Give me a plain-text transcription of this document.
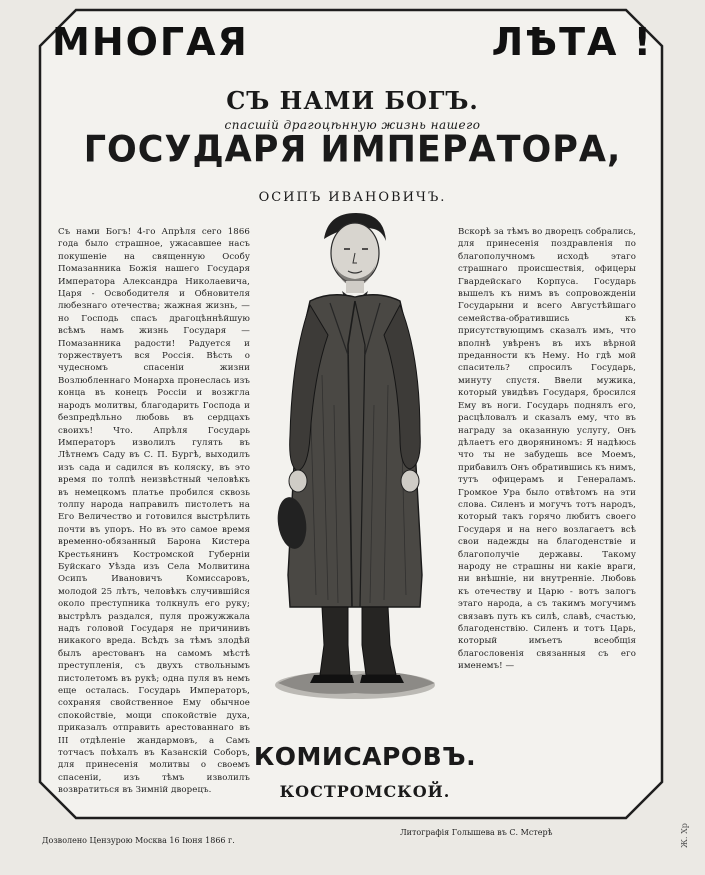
МНОГАЯ	ЛѢТА !
СЪ НАМИ БОГЪ.
спасшiй драгоцѣнную жизнь нашего
ГОСУДАРЯ ИМПЕРАТОРА,
ОСИПЪ ИВАНОВИЧЪ.
Съ нами Богъ! 4-го Апрѣля сего 1866 года было страшное, ужасавшее насъ покушеніе на священную Особу Помазанника Божія нашего Государя Императора Александра Николаевича, Царя - Освободителя и Обновителя любезнаго отечества; жажная жизнь, — но Господь спасъ драгоцѣннѣйшую всѣмъ намъ жизнь Государя — Помазанника радости! Радуется и торжествуетъ вся Россія. Вѣсть о чудесномъ спасеніи жизни Возлюбленнаго Монарха пронеслась изъ конца въ конецъ Россіи и возжгла народъ молитвы, благодарить Господа и безпредѣльно любовь въ сердцахъ своихъ! Что. Апрѣля Государь Императоръ изволилъ гулять въ Лѣтнемъ Саду въ С. П. Бургѣ, выходилъ изъ сада и садился въ коляску, въ это время по толпѣ неизвѣстный человѣкъ въ немецкомъ платье пробился сквозь толпу народа направилъ пистолетъ на Его Величество и готовился выстрѣлить почти въ упоръ. Но въ это самое время временно-обязанный Барона Кистера Крестьянинъ Костромской Губерніи Буйскаго Уѣзда изъ Села Молвитина Осипъ Ивановичъ Комиссаровъ, молодой 25 лѣтъ, человѣкъ случившійся около преступника толкнулъ его руку; выстрѣлъ раздался, пуля прожужжала надъ головой Государя не причинивъ никакого вреда. Всѣдъ за тѣмъ злодѣй былъ арестованъ на самомъ мѣстѣ преступленія, съ двухъ ствольнымъ пистолетомъ въ рукѣ; одна пуля въ немъ еще осталась. Государь Императоръ, сохраняя свойственное Ему обычное спокойствіе, мощи спокойствіе духа, приказалъ отправить арестованнаго въ III отдѣленіе жандармовъ, а Самъ тотчасъ поѣхалъ въ Казанскій Соборъ, для принесенія молитвы о своемъ спасеніи, изъ тѣмъ изволилъ возвратиться въ Зимній дворецъ.
Вскорѣ за тѣмъ во дворецъ собрались, для принесенія поздравленія по благополучномъ исходѣ этаго страшнаго происшествія, офицеры Гвардейскаго Корпуса. Государь вышелъ къ нимъ въ сопровожденіи Государыни и всего Августѣйшаго семейства-обратившись къ присутствующимъ сказалъ имъ, что вполнѣ увѣренъ въ ихъ вѣрной преданности къ Нему. Но гдѣ мой спаситель? спросилъ Государь, минуту спустя. Ввели мужика, который увидѣвъ Государя, бросился Ему въ ноги. Государь поднялъ его, расцѣловалъ и сказалъ ему, что въ награду за оказанную услугу, Онъ дѣлаетъ его дворяниномъ: Я надѣюсь что ты не забудешь все Моемъ, прибавилъ Онъ обратившись къ нимъ, тутъ офицерамъ и Генераламъ. Громкое Ура было отвѣтомъ на эти слова. Силенъ и могучъ тотъ народъ, который такъ горячо любитъ своего Государя и на него возлагаетъ всѣ свои надежды на благоденствіе и благополучіе державы. Такому народу не страшны ни какіе враги, ни внѣшніе, ни внутренніе. Любовь къ отечеству и Царю - вотъ залогъ этаго народа, а съ такимъ могучимъ связавъ путь къ силѣ, славѣ, счастью, благоденствію. Силенъ и тотъ Царь, который имъетъ всеобщія благословенія связанныя съ его именемъ! —
КОМИСАРОВЪ.
КОСТРОМСКОЙ.
Дозволено Цензурою Москва 16 Іюня 1866 г.
Литографія Голышева въ С. Мстерѣ	Ж. Хр
